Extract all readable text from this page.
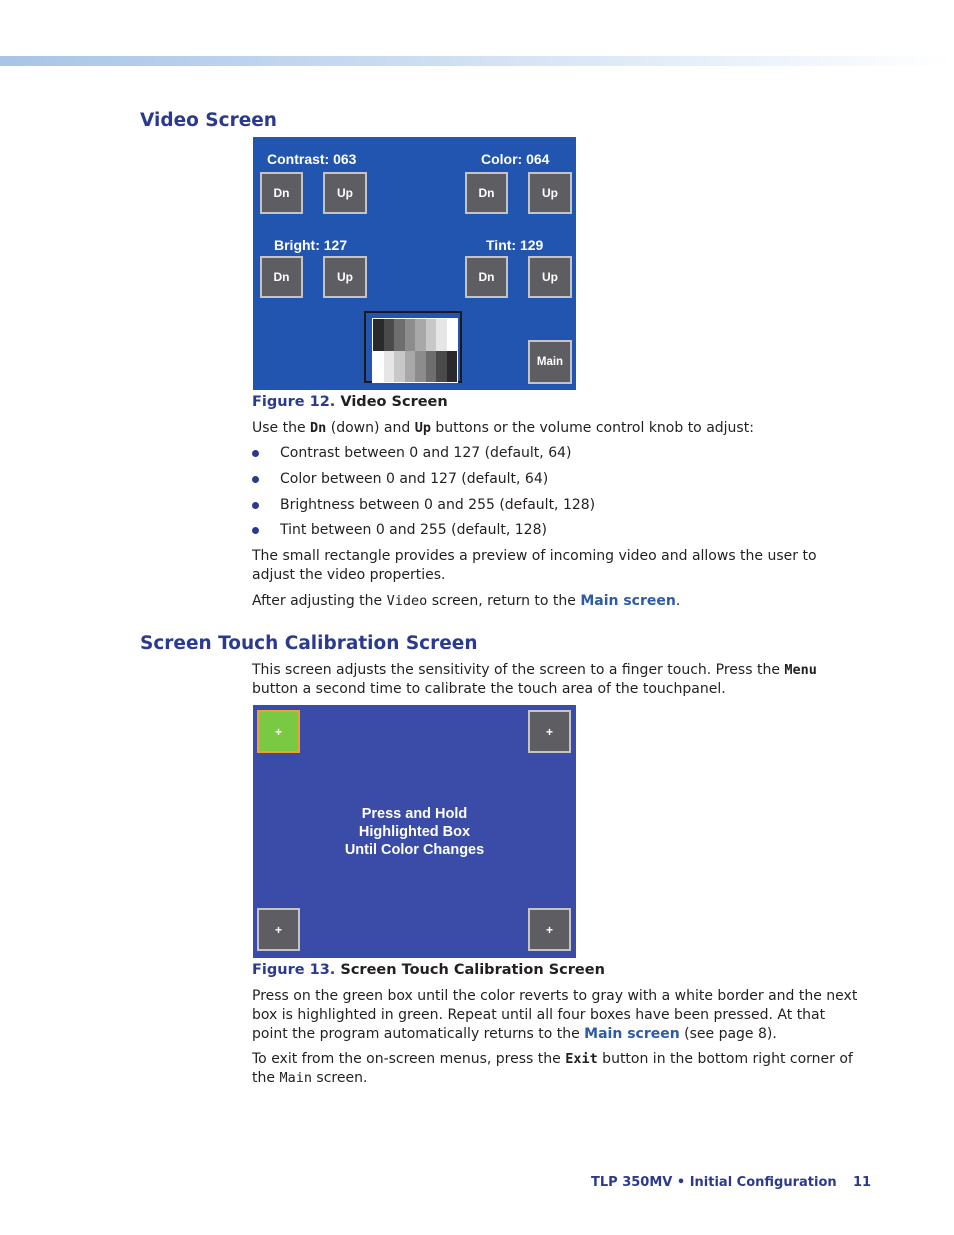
Video Screen
Contrast: 063	Color: 064
Dn	Up	Dn	Up
Bright: 127	Tint: 129
Dn	Up	Dn	Up
Main
Figure 12. Video Screen

Use the Dn (down) and Up buttons or the volume control knob to adjust:

Contrast between 0 and 127 (default, 64)
Color between 0 and 127 (default, 64)
Brightness between 0 and 255 (default, 128)
Tint between 0 and 255 (default, 128)

The small rectangle provides a preview of incoming video and allows the user to adjust the video properties.

After adjusting the Video screen, return to the Main screen.

Screen Touch Calibration Screen

This screen adjusts the sensitivity of the screen to a finger touch. Press the Menu button a second time to calibrate the touch area of the touchpanel.

+	+
Press and Hold
Highlighted Box
Until Color Changes
+	+
Figure 13. Screen Touch Calibration Screen

Press on the green box until the color reverts to gray with a white border and the next box is highlighted in green. Repeat until all four boxes have been pressed. At that point the program automatically returns to the Main screen (see page 8).

To exit from the on-screen menus, press the Exit button in the bottom right corner of the Main screen.

TLP 350MV • Initial Configuration 11
